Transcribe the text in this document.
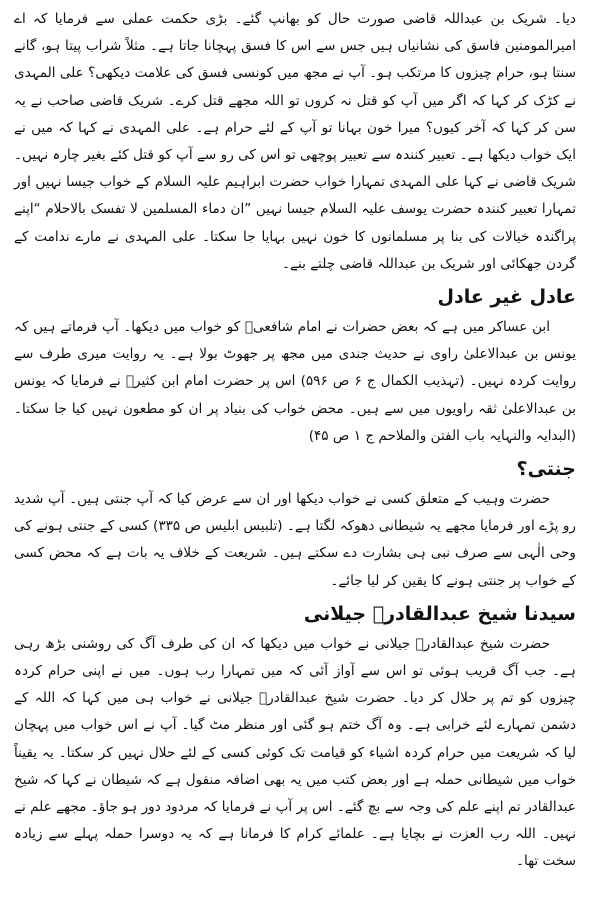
دیا۔ شریک بن عبداللہ قاضی صورت حال کو بھانپ گئے۔ بڑی حکمت عملی سے فرمایا کہ اے امیرالمومنین فاسق کی نشانیاں ہیں جس سے اس کا فسق پہچانا جاتا ہے۔ مثلاً شراب پیتا ہو، گانے سنتا ہو، حرام چیزوں کا مرتکب ہو۔ آپ نے مجھ میں کونسی فسق کی علامت دیکھی؟ علی المہدی نے کڑک کر کہا کہ اگر میں آپ کو قتل نہ کروں تو اللہ مجھے قتل کرے۔ شریک قاضی صاحب نے یہ سن کر کہا کہ آخر کیوں؟ میرا خون بہانا تو آپ کے لئے حرام ہے۔ علی المہدی نے کہا کہ میں نے ایک خواب دیکھا ہے۔ تعبیر کنندہ سے تعبیر پوچھی تو اس کی رو سے آپ کو قتل کئے بغیر چارہ نہیں۔

شریک قاضی نے کہا علی المہدی تمہارا خواب حضرت ابراہیم علیہ السلام کے خواب جیسا نہیں اور تمہارا تعبیر کنندہ حضرت یوسف علیہ السلام جیسا نہیں ”ان دماء المسلمین لا تفسک بالاحلام “اپنے پراگندہ خیالات کی بنا پر مسلمانوں کا خون نہیں بہایا جا سکتا۔ علی المہدی نے مارے ندامت کے گردن جھکائی اور شریک بن عبداللہ قاضی چلتے بنے۔

عادل غیر عادل

ابن عساکر میں ہے کہ بعض حضرات نے امام شافعیؒ کو خواب میں دیکھا۔ آپ فرماتے ہیں کہ یونس بن عبدالاعلیٰ راوی نے حدیث جندی میں مجھ پر جھوٹ بولا ہے۔ یہ روایت میری طرف سے روایت کردہ نہیں۔ (تہذیب الکمال ج ۶ ص ۵۹۶) اس پر حضرت امام ابن کثیرؒ نے فرمایا کہ یونس بن عبدالاعلیٰ ثقہ راویوں میں سے ہیں۔ محض خواب کی بنیاد پر ان کو مطعون نہیں کیا جا سکتا۔ (البدایہ والنہایہ باب الفتن والملاحم ج ۱ ص ۴۵)

جنتی؟

حضرت وہیب کے متعلق کسی نے خواب دیکھا اور ان سے عرض کیا کہ آپ جنتی ہیں۔ آپ شدید رو پڑے اور فرمایا مجھے یہ شیطانی دھوکہ لگتا ہے۔ (تلبیس ابلیس ص ۳۳۵) کسی کے جنتی ہونے کی وحی الٰہی سے صرف نبی ہی بشارت دے سکتے ہیں۔ شریعت کے خلاف یہ بات ہے کہ محض کسی کے خواب پر جنتی ہونے کا یقین کر لیا جائے۔

سیدنا شیخ عبدالقادرؒ جیلانی

حضرت شیخ عبدالقادرؒ جیلانی نے خواب میں دیکھا کہ ان کی طرف آگ کی روشنی بڑھ رہی ہے۔ جب آگ قریب ہوئی تو اس سے آواز آئی کہ میں تمہارا رب ہوں۔ میں نے اپنی حرام کردہ چیزوں کو تم پر حلال کر دیا۔ حضرت شیخ عبدالقادرؒ جیلانی نے خواب ہی میں کہا کہ اللہ کے دشمن تمہارے لئے خرابی ہے۔ وہ آگ ختم ہو گئی اور منظر مٹ گیا۔ آپ نے اس خواب میں پہچان لیا کہ شریعت میں حرام کردہ اشیاء کو قیامت تک کوئی کسی کے لئے حلال نہیں کر سکتا۔ یہ یقیناً خواب میں شیطانی حملہ ہے اور بعض کتب میں یہ بھی اضافہ منقول ہے کہ شیطان نے کہا کہ شیخ عبدالقادر تم اپنے علم کی وجہ سے بچ گئے۔ اس پر آپ نے فرمایا کہ مردود دور ہو جاؤ۔ مجھے علم نے نہیں۔ اللہ رب العزت نے بچایا ہے۔ علمائے کرام کا فرمانا ہے کہ یہ دوسرا حملہ پہلے سے زیادہ سخت تھا۔
